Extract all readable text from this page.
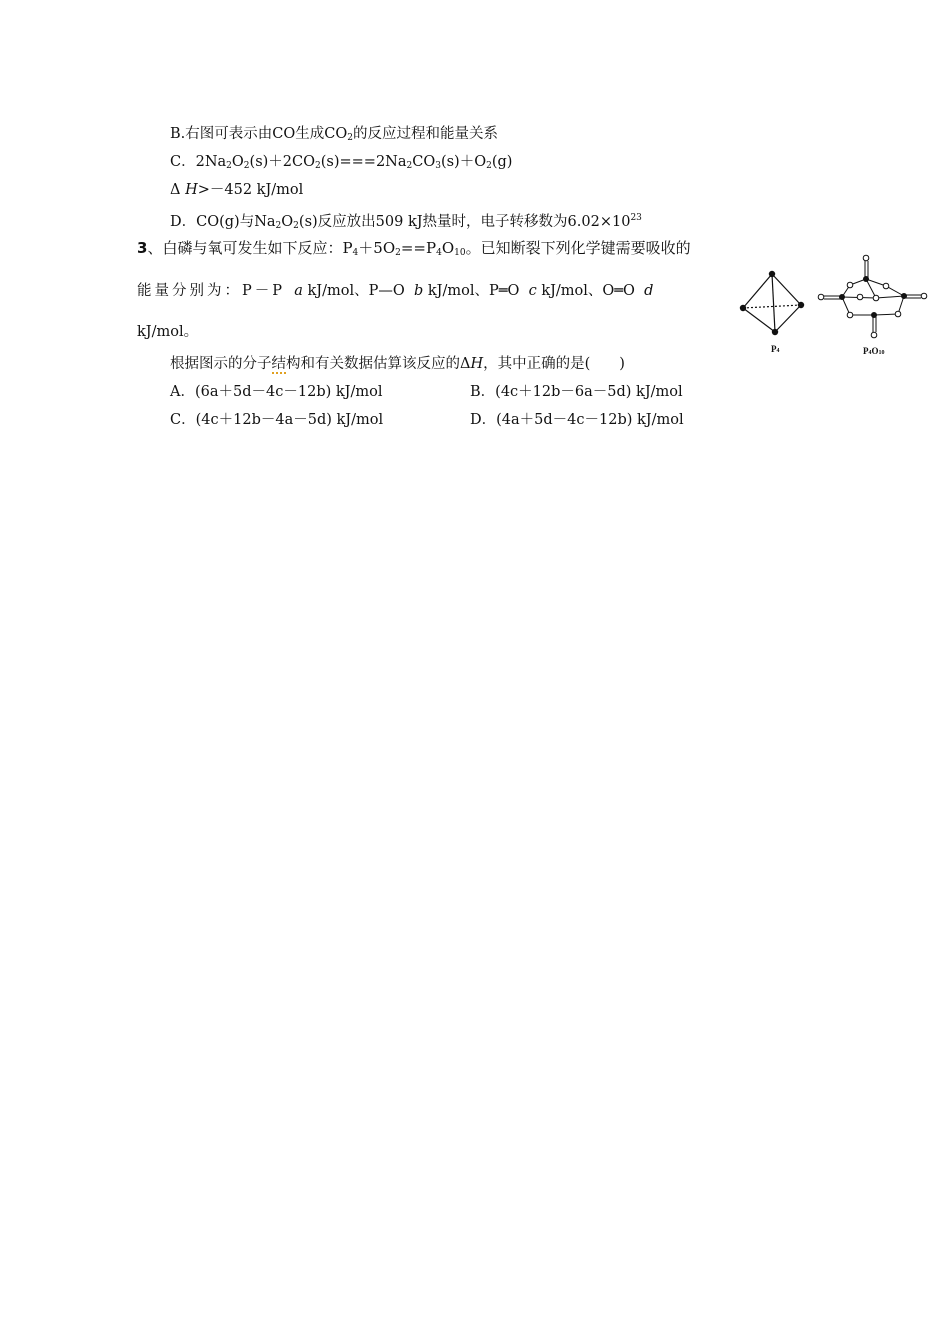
B.右图可表示由CO生成$CO_2$的反应过程和能量关系
C．$2Na_2O_2(s)+2CO_2(s)===2Na_2CO_3(s)+O_2(g)$
Δ H>－452 kJ/mol
D．CO(g)与$Na_2O_2(s)$反应放出509 kJ热量时，电子转移数为$6.02\times 10^{23}$
3、白磷与氧可发生如下反应：$P_4+5O_2==P_4O_{10}$。已知断裂下列化学键需要吸收的
能量分别为：P－P a kJ/mol、P—O b kJ/mol、P═O c kJ/mol、O═O d
kJ/mol。
根据图示的分子结构和有关数据估算该反应的ΔH，其中正确的是(　　)
A．(6a＋5d－4c－12b) kJ/mol	B．(4c＋12b－6a－5d) kJ/mol
C．(4c＋12b－4a－5d) kJ/mol	D．(4a＋5d－4c－12b) kJ/mol
P4	P4O10
